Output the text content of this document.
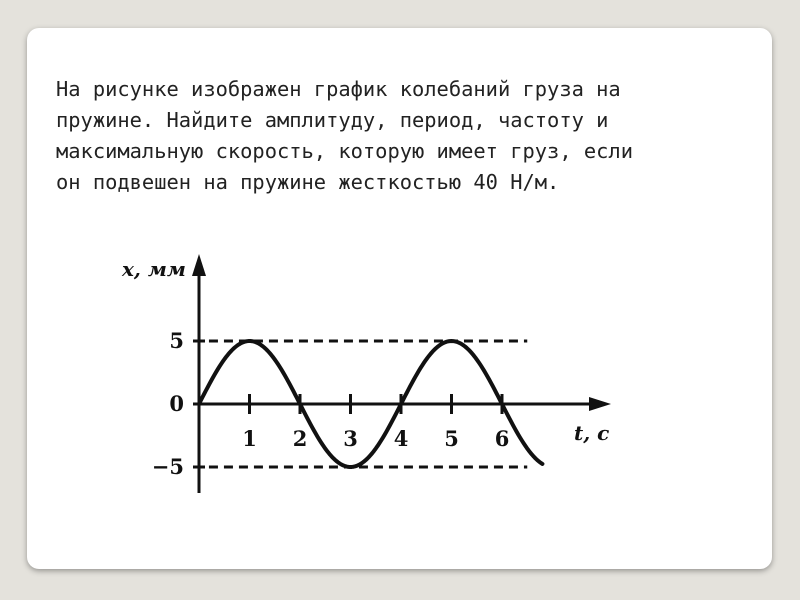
На рисунке изображен график колебаний груза на
пружине. Найдите амплитуду, период, частоту и
максимальную скорость, которую имеет груз, если
он подвешен на пружине жесткостью 40 Н/м.

x, мм
t, с
5
0
−5
1 2 3 4 5 6
